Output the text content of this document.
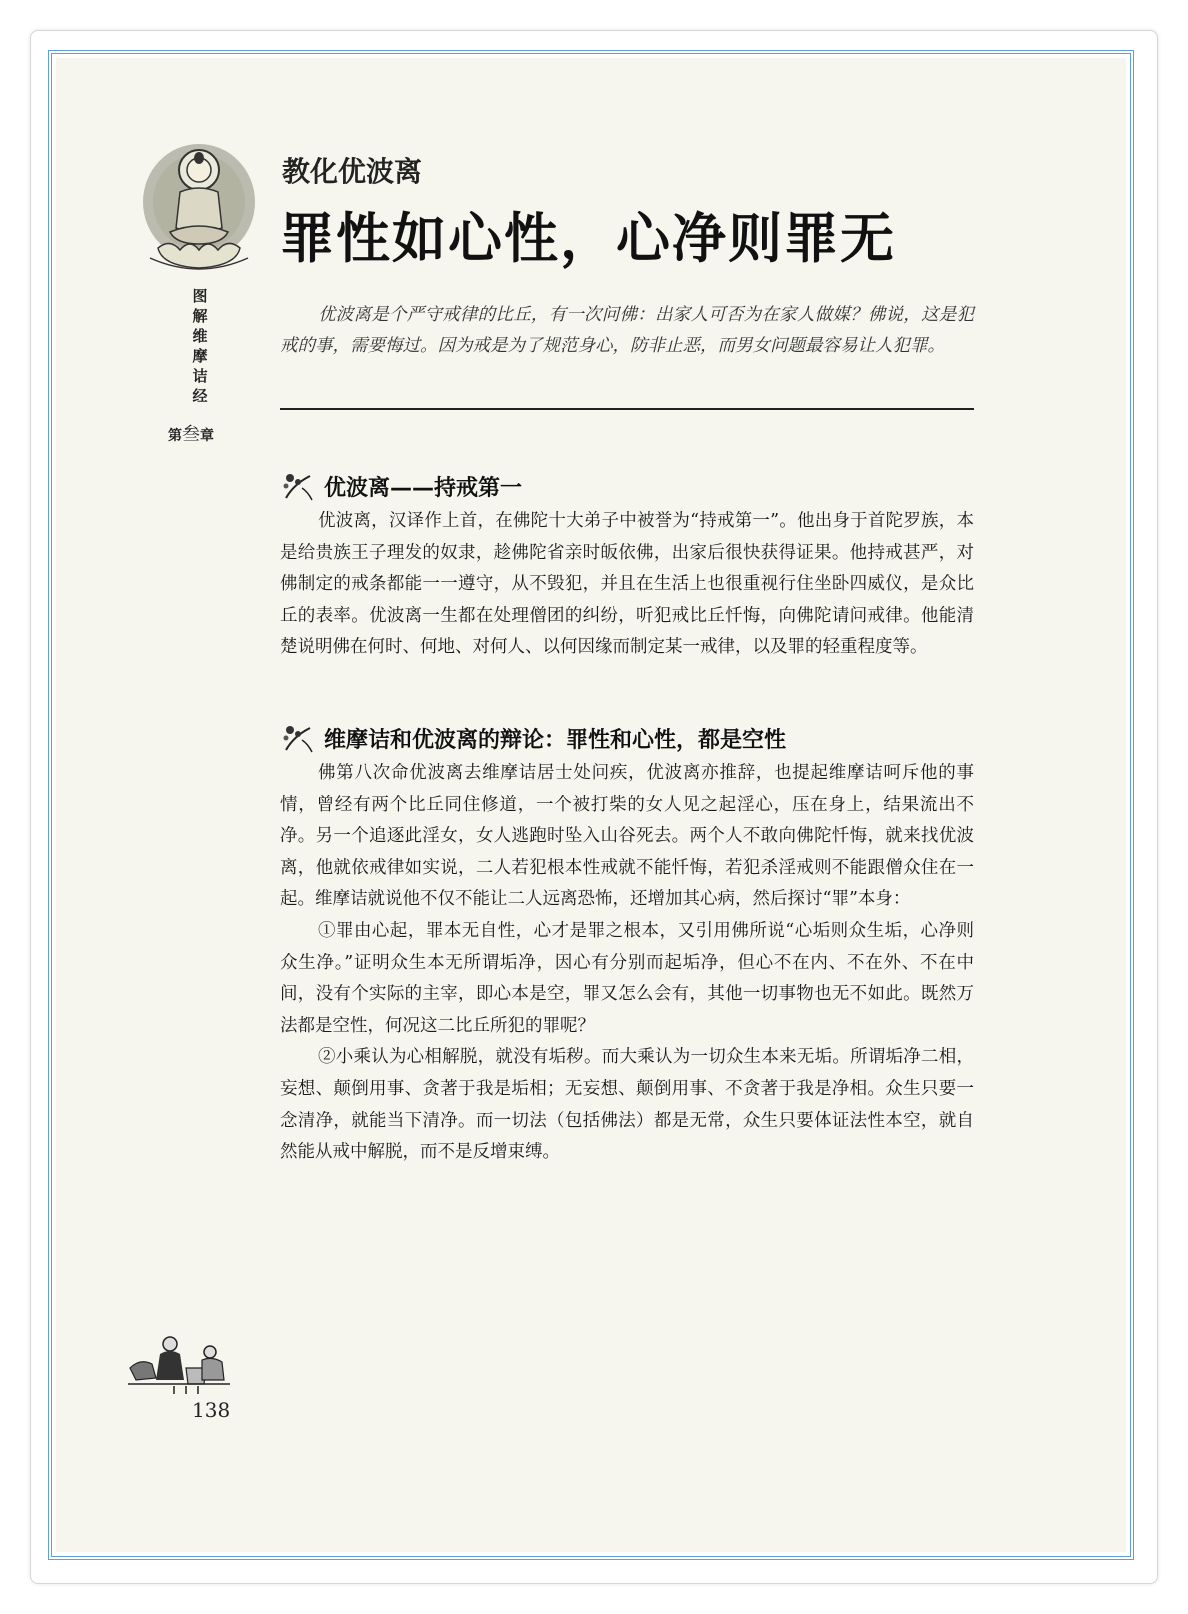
图
解
维
摩
诘
经
第叁章
教化优波离
罪性如心性，心净则罪无
优波离是个严守戒律的比丘，有一次问佛：出家人可否为在家人做媒？佛说，这是犯戒的事，需要悔过。因为戒是为了规范身心，防非止恶，而男女问题最容易让人犯罪。
优波离——持戒第一

优波离，汉译作上首，在佛陀十大弟子中被誉为“持戒第一”。他出身于首陀罗族，本是给贵族王子理发的奴隶，趁佛陀省亲时皈依佛，出家后很快获得证果。他持戒甚严，对佛制定的戒条都能一一遵守，从不毁犯，并且在生活上也很重视行住坐卧四威仪，是众比丘的表率。优波离一生都在处理僧团的纠纷，听犯戒比丘忏悔，向佛陀请问戒律。他能清楚说明佛在何时、何地、对何人、以何因缘而制定某一戒律，以及罪的轻重程度等。

维摩诘和优波离的辩论：罪性和心性，都是空性

佛第八次命优波离去维摩诘居士处问疾，优波离亦推辞，也提起维摩诘呵斥他的事情，曾经有两个比丘同住修道，一个被打柴的女人见之起淫心，压在身上，结果流出不净。另一个追逐此淫女，女人逃跑时坠入山谷死去。两个人不敢向佛陀忏悔，就来找优波离，他就依戒律如实说，二人若犯根本性戒就不能忏悔，若犯杀淫戒则不能跟僧众住在一起。维摩诘就说他不仅不能让二人远离恐怖，还增加其心病，然后探讨“罪”本身：

①罪由心起，罪本无自性，心才是罪之根本，又引用佛所说“心垢则众生垢，心净则众生净。”证明众生本无所谓垢净，因心有分别而起垢净，但心不在内、不在外、不在中间，没有个实际的主宰，即心本是空，罪又怎么会有，其他一切事物也无不如此。既然万法都是空性，何况这二比丘所犯的罪呢？

②小乘认为心相解脱，就没有垢秽。而大乘认为一切众生本来无垢。所谓垢净二相，妄想、颠倒用事、贪著于我是垢相；无妄想、颠倒用事、不贪著于我是净相。众生只要一念清净，就能当下清净。而一切法（包括佛法）都是无常，众生只要体证法性本空，就自然能从戒中解脱，而不是反增束缚。

138
